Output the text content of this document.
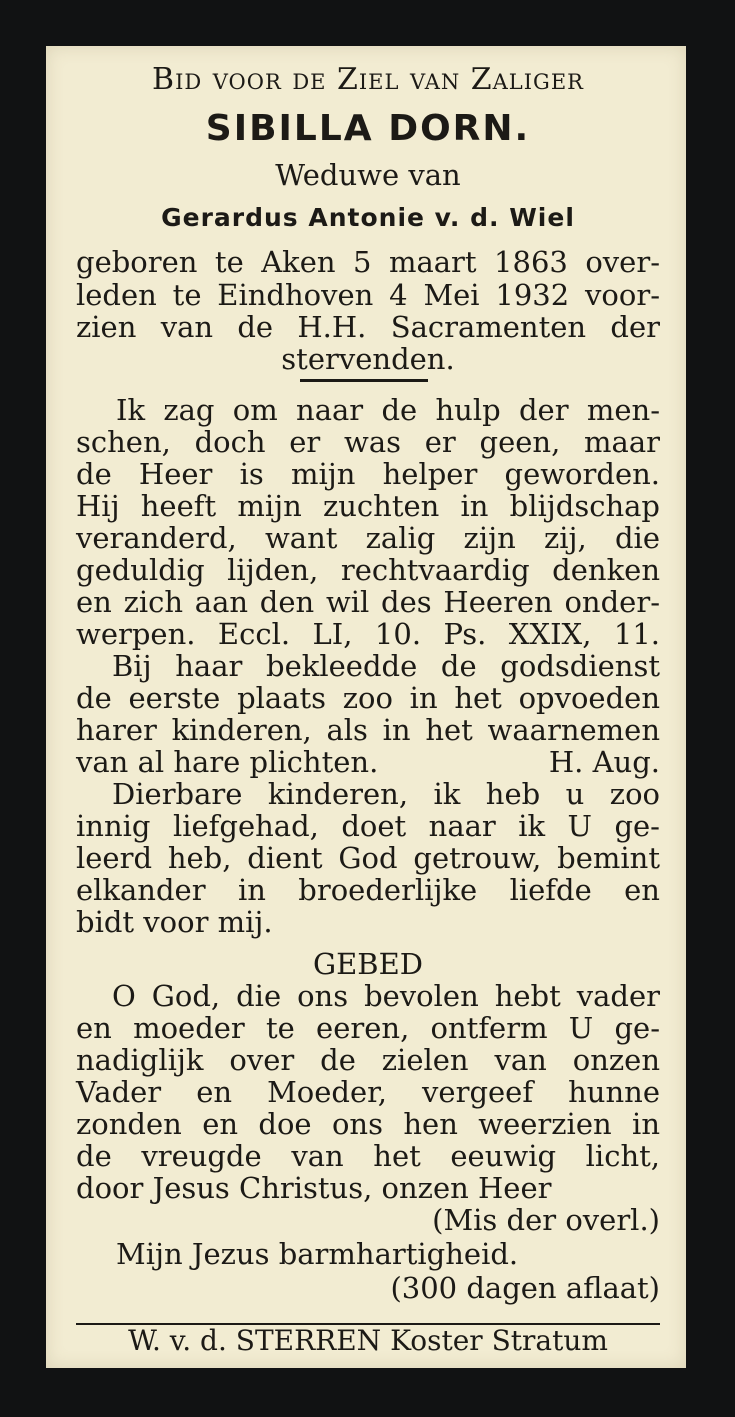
Bid voor de Ziel van Zaliger
SIBILLA DORN.
Weduwe van
Gerardus Antonie v. d. Wiel
geboren te Aken 5 maart 1863 over-
leden te Eindhoven 4 Mei 1932 voor-
zien van de H.H. Sacramenten der
stervenden.
Ik zag om naar de hulp der men-
schen, doch er was er geen, maar
de Heer is mijn helper geworden.
Hij heeft mijn zuchten in blijdschap
veranderd, want zalig zijn zij, die
geduldig lijden, rechtvaardig denken
en zich aan den wil des Heeren onder-
werpen. Eccl. LI, 10. Ps. XXIX, 11.
Bij haar bekleedde de godsdienst
de eerste plaats zoo in het opvoeden
harer kinderen, als in het waarnemen
van al hare plichten.	H. Aug.
Dierbare kinderen, ik heb u zoo
innig liefgehad, doet naar ik U ge-
leerd heb, dient God getrouw, bemint
elkander in broederlijke liefde en
bidt voor mij.
GEBED
O God, die ons bevolen hebt vader
en moeder te eeren, ontferm U ge-
nadiglijk over de zielen van onzen
Vader en Moeder, vergeef hunne
zonden en doe ons hen weerzien in
de vreugde van het eeuwig licht,
door Jesus Christus, onzen Heer
(Mis der overl.)
Mijn Jezus barmhartigheid.
(300 dagen aflaat)
W. v. d. STERREN Koster Stratum
